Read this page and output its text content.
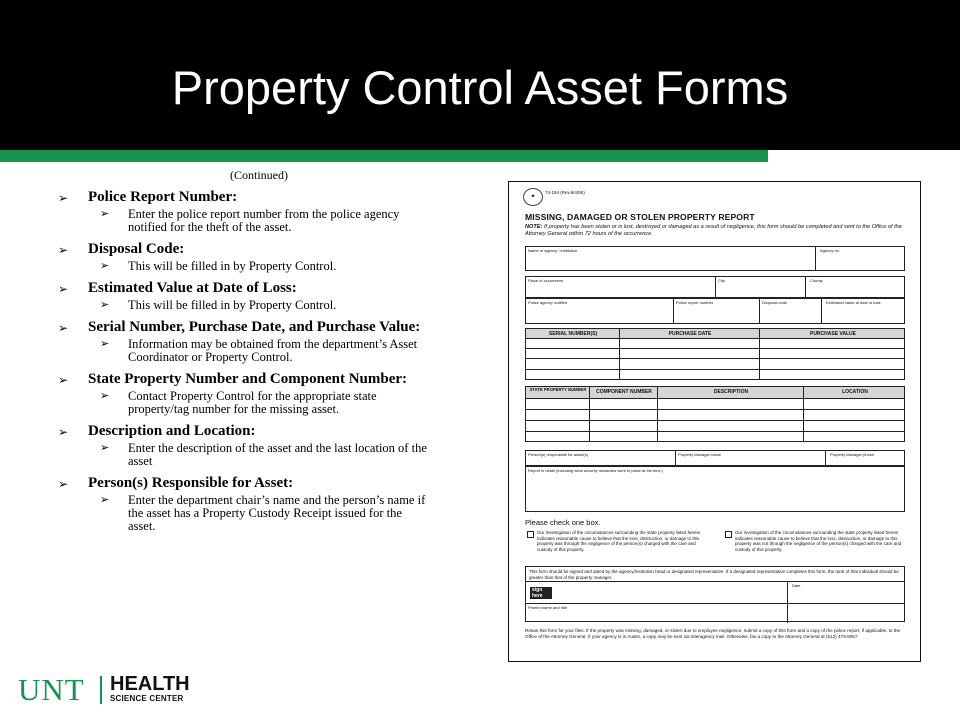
Property Control Asset Forms
(Continued)
➢ Police Report Number:
➢ Enter the police report number from the police agency notified for the theft of the asset.
➢ Disposal Code:
➢ This will be filled in by Property Control.
➢ Estimated Value at Date of Loss:
➢ This will be filled in by Property Control.
➢ Serial Number, Purchase Date, and Purchase Value:
➢ Information may be obtained from the department’s Asset Coordinator or Property Control.
➢ State Property Number and Component Number:
➢ Contact Property Control for the appropriate state property/tag number for the missing asset.
➢ Description and Location:
➢ Enter the description of the asset and the last location of the asset
➢ Person(s) Responsible for Asset:
➢ Enter the department chair’s name and the person’s name if the asset has a Property Custody Receipt issued for the asset.
✦
74-184 (Rev.9/4/95)
MISSING, DAMAGED OR STOLEN PROPERTY REPORT
NOTE: If property has been stolen or is lost, destroyed or damaged as a result of negligence, this form should be completed and sent to the Office of the Attorney General within 72 hours of the occurrence.
Name of agency / institution	Agency no.
Place of occurrence	City	County
Police agency notified	Police report number	Disposal code	Estimated value at date of loss
SERIAL NUMBER(S)	PURCHASE DATE	PURCHASE VALUE
STATE PROPERTY NUMBER	COMPONENT NUMBER	DESCRIPTION	LOCATION
Person(s) responsible for asset(s)	Property Manager name	Property Manager phone
Report in detail (including what security measures were in place at the time.)
Please check one box.
Our investigation of the circumstances surrounding the state property listed herein indicates reasonable cause to believe that the loss, destruction, or damage to this property was through the negligence of the person(s) charged with the care and custody of this property.
Our investigation of the circumstances surrounding the state property listed herein indicates reasonable cause to believe that the loss, destruction, or damage to this property was not through the negligence of the person(s) charged with the care and custody of this property.
This form should be signed and dated by the agency/institution head or designated representative. If a designated representative completes this form, the rank of that individual should be greater than that of the property manager.
sign here
Date
Printed name and title
Retain this form for your files. If the property was missing, damaged, or stolen due to employee negligence, submit a copy of this form and a copy of the police report, if applicable, to the Office of the Attorney General. If your agency is in Austin, a copy may be sent via interagency mail. Otherwise, fax a copy to the Attorney General at (512) 479-8057.
UNT HEALTH
SCIENCE CENTER
